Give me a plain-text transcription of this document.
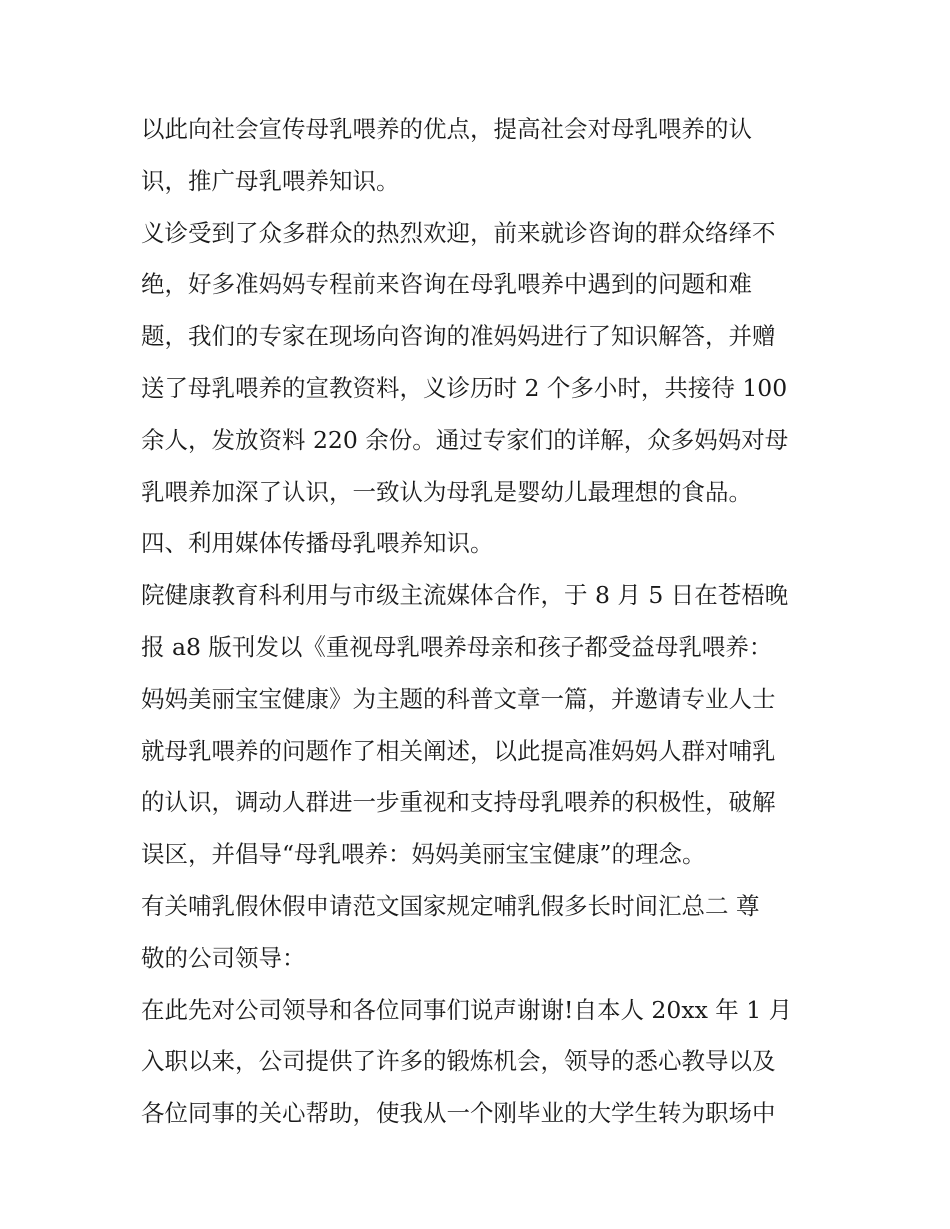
以此向社会宣传母乳喂养的优点，提高社会对母乳喂养的认
识，推广母乳喂养知识。
义诊受到了众多群众的热烈欢迎，前来就诊咨询的群众络绎不
绝，好多准妈妈专程前来咨询在母乳喂养中遇到的问题和难
题，我们的专家在现场向咨询的准妈妈进行了知识解答，并赠
送了母乳喂养的宣教资料，义诊历时 2 个多小时，共接待 100
余人，发放资料 220 余份。通过专家们的详解，众多妈妈对母
乳喂养加深了认识，一致认为母乳是婴幼儿最理想的食品。
四、利用媒体传播母乳喂养知识。
院健康教育科利用与市级主流媒体合作，于 8 月 5 日在苍梧晚
报 a8 版刊发以《重视母乳喂养母亲和孩子都受益母乳喂养：
妈妈美丽宝宝健康》为主题的科普文章一篇，并邀请专业人士
就母乳喂养的问题作了相关阐述，以此提高准妈妈人群对哺乳
的认识，调动人群进一步重视和支持母乳喂养的积极性，破解
误区，并倡导“母乳喂养：妈妈美丽宝宝健康”的理念。
有关哺乳假休假申请范文国家规定哺乳假多长时间汇总二 尊
敬的公司领导：
在此先对公司领导和各位同事们说声谢谢!自本人 20xx 年 1 月
入职以来，公司提供了许多的锻炼机会，领导的悉心教导以及
各位同事的关心帮助，使我从一个刚毕业的大学生转为职场中
